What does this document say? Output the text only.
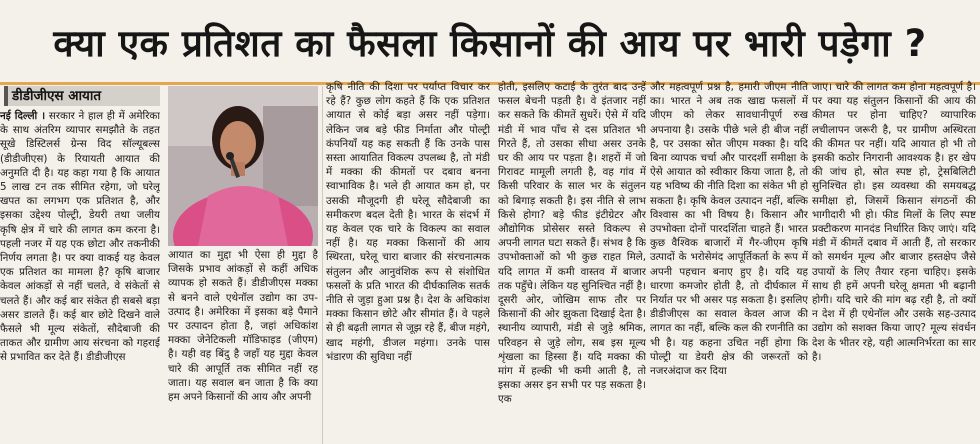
क्या एक प्रतिशत का फैसला किसानों की आय पर भारी पड़ेगा ?
डीडीजीएस आयात

नई दिल्ली । सरकार ने हाल ही में अमेरिका के साथ अंतरिम व्यापार समझौते के तहत सूखे डिस्टिलर्स ग्रेन्स विद सॉल्यूबल्स (डीडीजीएस) के रियायती आयात की अनुमति दी है। यह कहा गया है कि आयात 5 लाख टन तक सीमित रहेगा, जो घरेलू खपत का लगभग एक प्रतिशत है, और इसका उद्देश्य पोल्ट्री, डेयरी तथा जलीय कृषि क्षेत्र में चारे की लागत कम करना है। पहली नजर में यह एक छोटा और तकनीकी निर्णय लगता है। पर क्या वाकई यह केवल एक प्रतिशत का मामला है? कृषि बाजार केवल आंकड़ों से नहीं चलते, वे संकेतों से चलते हैं। और कई बार संकेत ही सबसे बड़ा असर डालते हैं। कई बार छोटे दिखने वाले फैसले भी मूल्य संकेतों, सौदेबाजी की ताकत और ग्रामीण आय संरचना को गहराई से प्रभावित कर देते हैं। डीडीजीएस

आयात का मुद्दा भी ऐसा ही मुद्दा है जिसके प्रभाव आंकड़ों से कहीं अधिक व्यापक हो सकते हैं। डीडीजीएस मक्का से बनने वाले एथेनॉल उद्योग का उप-उत्पाद है। अमेरिका में इसका बड़े पैमाने पर उत्पादन होता है, जहां अधिकांश मक्का जेनेटिकली मॉडिफाइड (जीएम) है। यही वह बिंदु है जहाँ यह मुद्दा केवल चारे की आपूर्ति तक सीमित नहीं रह जाता। यह सवाल बन जाता है कि क्या हम अपने किसानों की आय और अपनी

कृषि नीति की दिशा पर पर्याप्त विचार कर रहे हैं? कुछ लोग कहते हैं कि एक प्रतिशत आयात से कोई बड़ा असर नहीं पड़ेगा। लेकिन जब बड़े फीड निर्माता और पोल्ट्री कंपनियाँ यह कह सकती हैं कि उनके पास सस्ता आयातित विकल्प उपलब्ध है, तो मंडी में मक्का की कीमतों पर दबाव बनना स्वाभाविक है। भले ही आयात कम हो, पर उसकी मौजूदगी ही घरेलू सौदेबाजी का समीकरण बदल देती है। भारत के संदर्भ में यह केवल एक चारे के विकल्प का सवाल नहीं है। यह मक्का किसानों की आय स्थिरता, घरेलू चारा बाजार की संरचनात्मक संतुलन और आनुवंशिक रूप से संशोधित फसलों के प्रति भारत की दीर्घकालिक सतर्क नीति से जुड़ा हुआ प्रश्न है। देश के अधिकांश मक्का किसान छोटे और सीमांत हैं। वे पहले से ही बढ़ती लागत से जूझ रहे हैं, बीज महंगे, खाद महंगी, डीजल महंगा। उनके पास भंडारण की सुविधा नहीं

होती, इसलिए कटाई के तुरंत बाद उन्हें फसल बेचनी पड़ती है। वे इंतजार नहीं कर सकते कि कीमतें सुधरें। ऐसे में यदि मंडी में भाव पाँच से दस प्रतिशत भी गिरते हैं, तो उसका सीधा असर उनके घर की आय पर पड़ता है। शहरों में जो गिरावट मामूली लगती है, वह गांव में किसी परिवार के साल भर के संतुलन को बिगाड़ सकती है। इस नीति से लाभ किसे होगा? बड़े फीड इंटीग्रेटर और औद्योगिक प्रोसेसर सस्ते विकल्प से अपनी लागत घटा सकते हैं। संभव है कि उपभोक्ताओं को भी कुछ राहत मिले, यदि लागत में कमी वास्तव में बाजार तक पहुँचे। लेकिन यह सुनिश्चित नहीं है। दूसरी ओर, जोखिम साफ तौर पर किसानों की ओर झुकता दिखाई देता है। स्थानीय व्यापारी, मंडी से जुड़े श्रमिक, परिवहन से जुड़े लोग, सब इस मूल्य शृंखला का हिस्सा हैं। यदि मक्का की मांग में हल्की भी कमी आती है, तो इसका असर इन सभी पर पड़ सकता है। एक

और महत्वपूर्ण प्रश्न है, हमारी जीएम नीति का। भारत ने अब तक खाद्य फसलों में जीएम को लेकर सावधानीपूर्ण रुख अपनाया है। उसके पीछे भले ही बीज नहीं है, पर उसका स्रोत जीएम मक्का है। यदि बिना व्यापक चर्चा और पारदर्शी समीक्षा के ऐसे आयात को स्वीकार किया जाता है, तो यह भविष्य की नीति दिशा का संकेत भी हो सकता है। कृषि केवल उत्पादन नहीं, बल्कि विश्वास का भी विषय है। किसान और उपभोक्ता दोनों पारदर्शिता चाहते हैं। भारत कुछ वैश्विक बाजारों में गैर-जीएम कृषि उत्पादों के भरोसेमंद आपूर्तिकर्ता के रूप में अपनी पहचान बनाए हुए है। यदि यह धारणा कमजोर होती है, तो दीर्घकाल में निर्यात पर भी असर पड़ सकता है। इसलिए डीडीजीएस का सवाल केवल आज की लागत का नहीं, बल्कि कल की रणनीति का भी है। यह कहना उचित नहीं होगा कि पोल्ट्री या डेयरी क्षेत्र की जरूरतों को नजरअंदाज कर दिया

जाए। चारे की लागत कम होना महत्वपूर्ण है। पर क्या यह संतुलन किसानों की आय की कीमत पर होना चाहिए? व्यापारिक लचीलापन जरूरी है, पर ग्रामीण अस्थिरता की कीमत पर नहीं। यदि आयात हो भी तो इसकी कठोर निगरानी आवश्यक है। हर खेप की जांच हो, स्रोत स्पष्ट हो, ट्रेसबिलिटी सुनिश्चित हो। इस व्यवस्था की समयबद्ध समीक्षा हो, जिसमें किसान संगठनों की भागीदारी भी हो। फीड मिलों के लिए स्पष्ट प्रक्टीकरण मानदंड निर्धारित किए जाएं। यदि मंडी में कीमतें दबाव में आती हैं, तो सरकार को समर्थन मूल्य और बाजार हस्तक्षेप जैसे उपायों के लिए तैयार रहना चाहिए। इसके साथ ही हमें अपनी घरेलू क्षमता भी बढ़ानी होगी। यदि चारे की मांग बढ़ रही है, तो क्यों न देश में ही एथेनॉल और उसके सह-उत्पाद उद्योग को सशक्त किया जाए? मूल्य संवर्धन देश के भीतर रहे, यही आत्मनिर्भरता का सार है।
